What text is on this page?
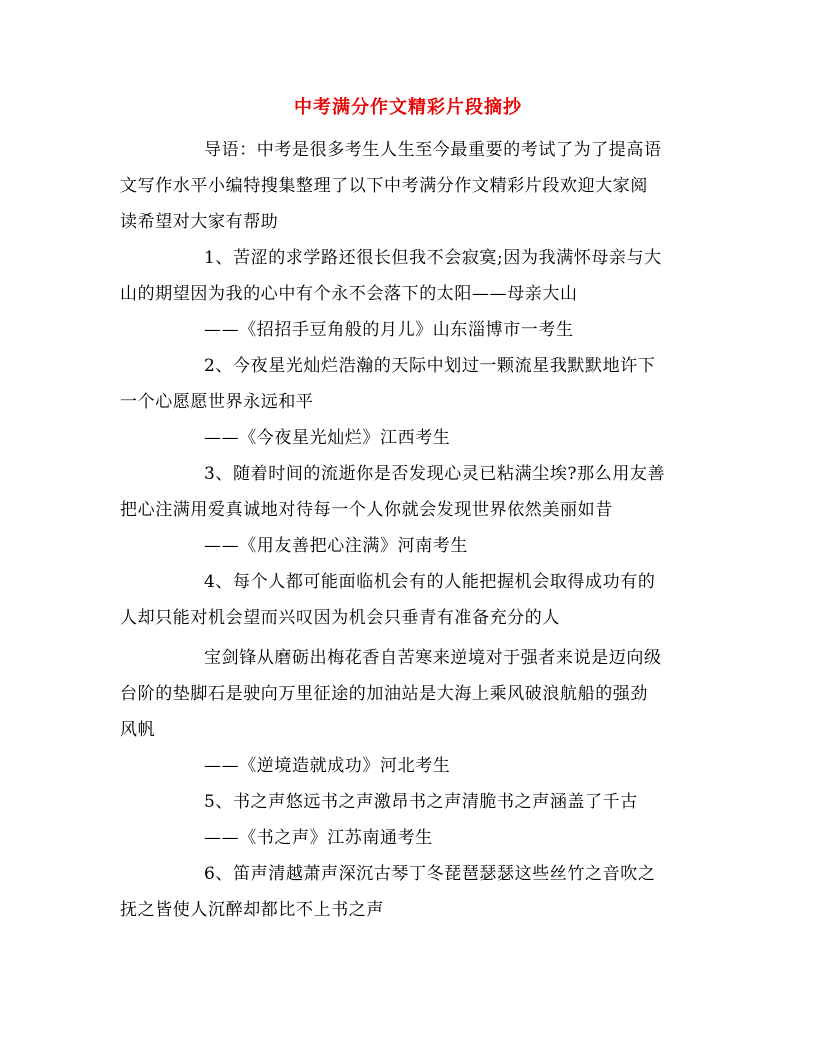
中考满分作文精彩片段摘抄
导语：中考是很多考生人生至今最重要的考试了为了提高语
文写作水平小编特搜集整理了以下中考满分作文精彩片段欢迎大家阅
读希望对大家有帮助
1、苦涩的求学路还很长但我不会寂寞;因为我满怀母亲与大
山的期望因为我的心中有个永不会落下的太阳——母亲大山
——《招招手豆角般的月儿》山东淄博市一考生
2、今夜星光灿烂浩瀚的天际中划过一颗流星我默默地许下
一个心愿愿世界永远和平
——《今夜星光灿烂》江西考生
3、随着时间的流逝你是否发现心灵已粘满尘埃?那么用友善
把心注满用爱真诚地对待每一个人你就会发现世界依然美丽如昔
——《用友善把心注满》河南考生
4、每个人都可能面临机会有的人能把握机会取得成功有的
人却只能对机会望而兴叹因为机会只垂青有准备充分的人
宝剑锋从磨砺出梅花香自苦寒来逆境对于强者来说是迈向级
台阶的垫脚石是驶向万里征途的加油站是大海上乘风破浪航船的强劲
风帆
——《逆境造就成功》河北考生
5、书之声悠远书之声激昂书之声清脆书之声涵盖了千古
——《书之声》江苏南通考生
6、笛声清越萧声深沉古琴丁冬琵琶瑟瑟这些丝竹之音吹之
抚之皆使人沉醉却都比不上书之声
